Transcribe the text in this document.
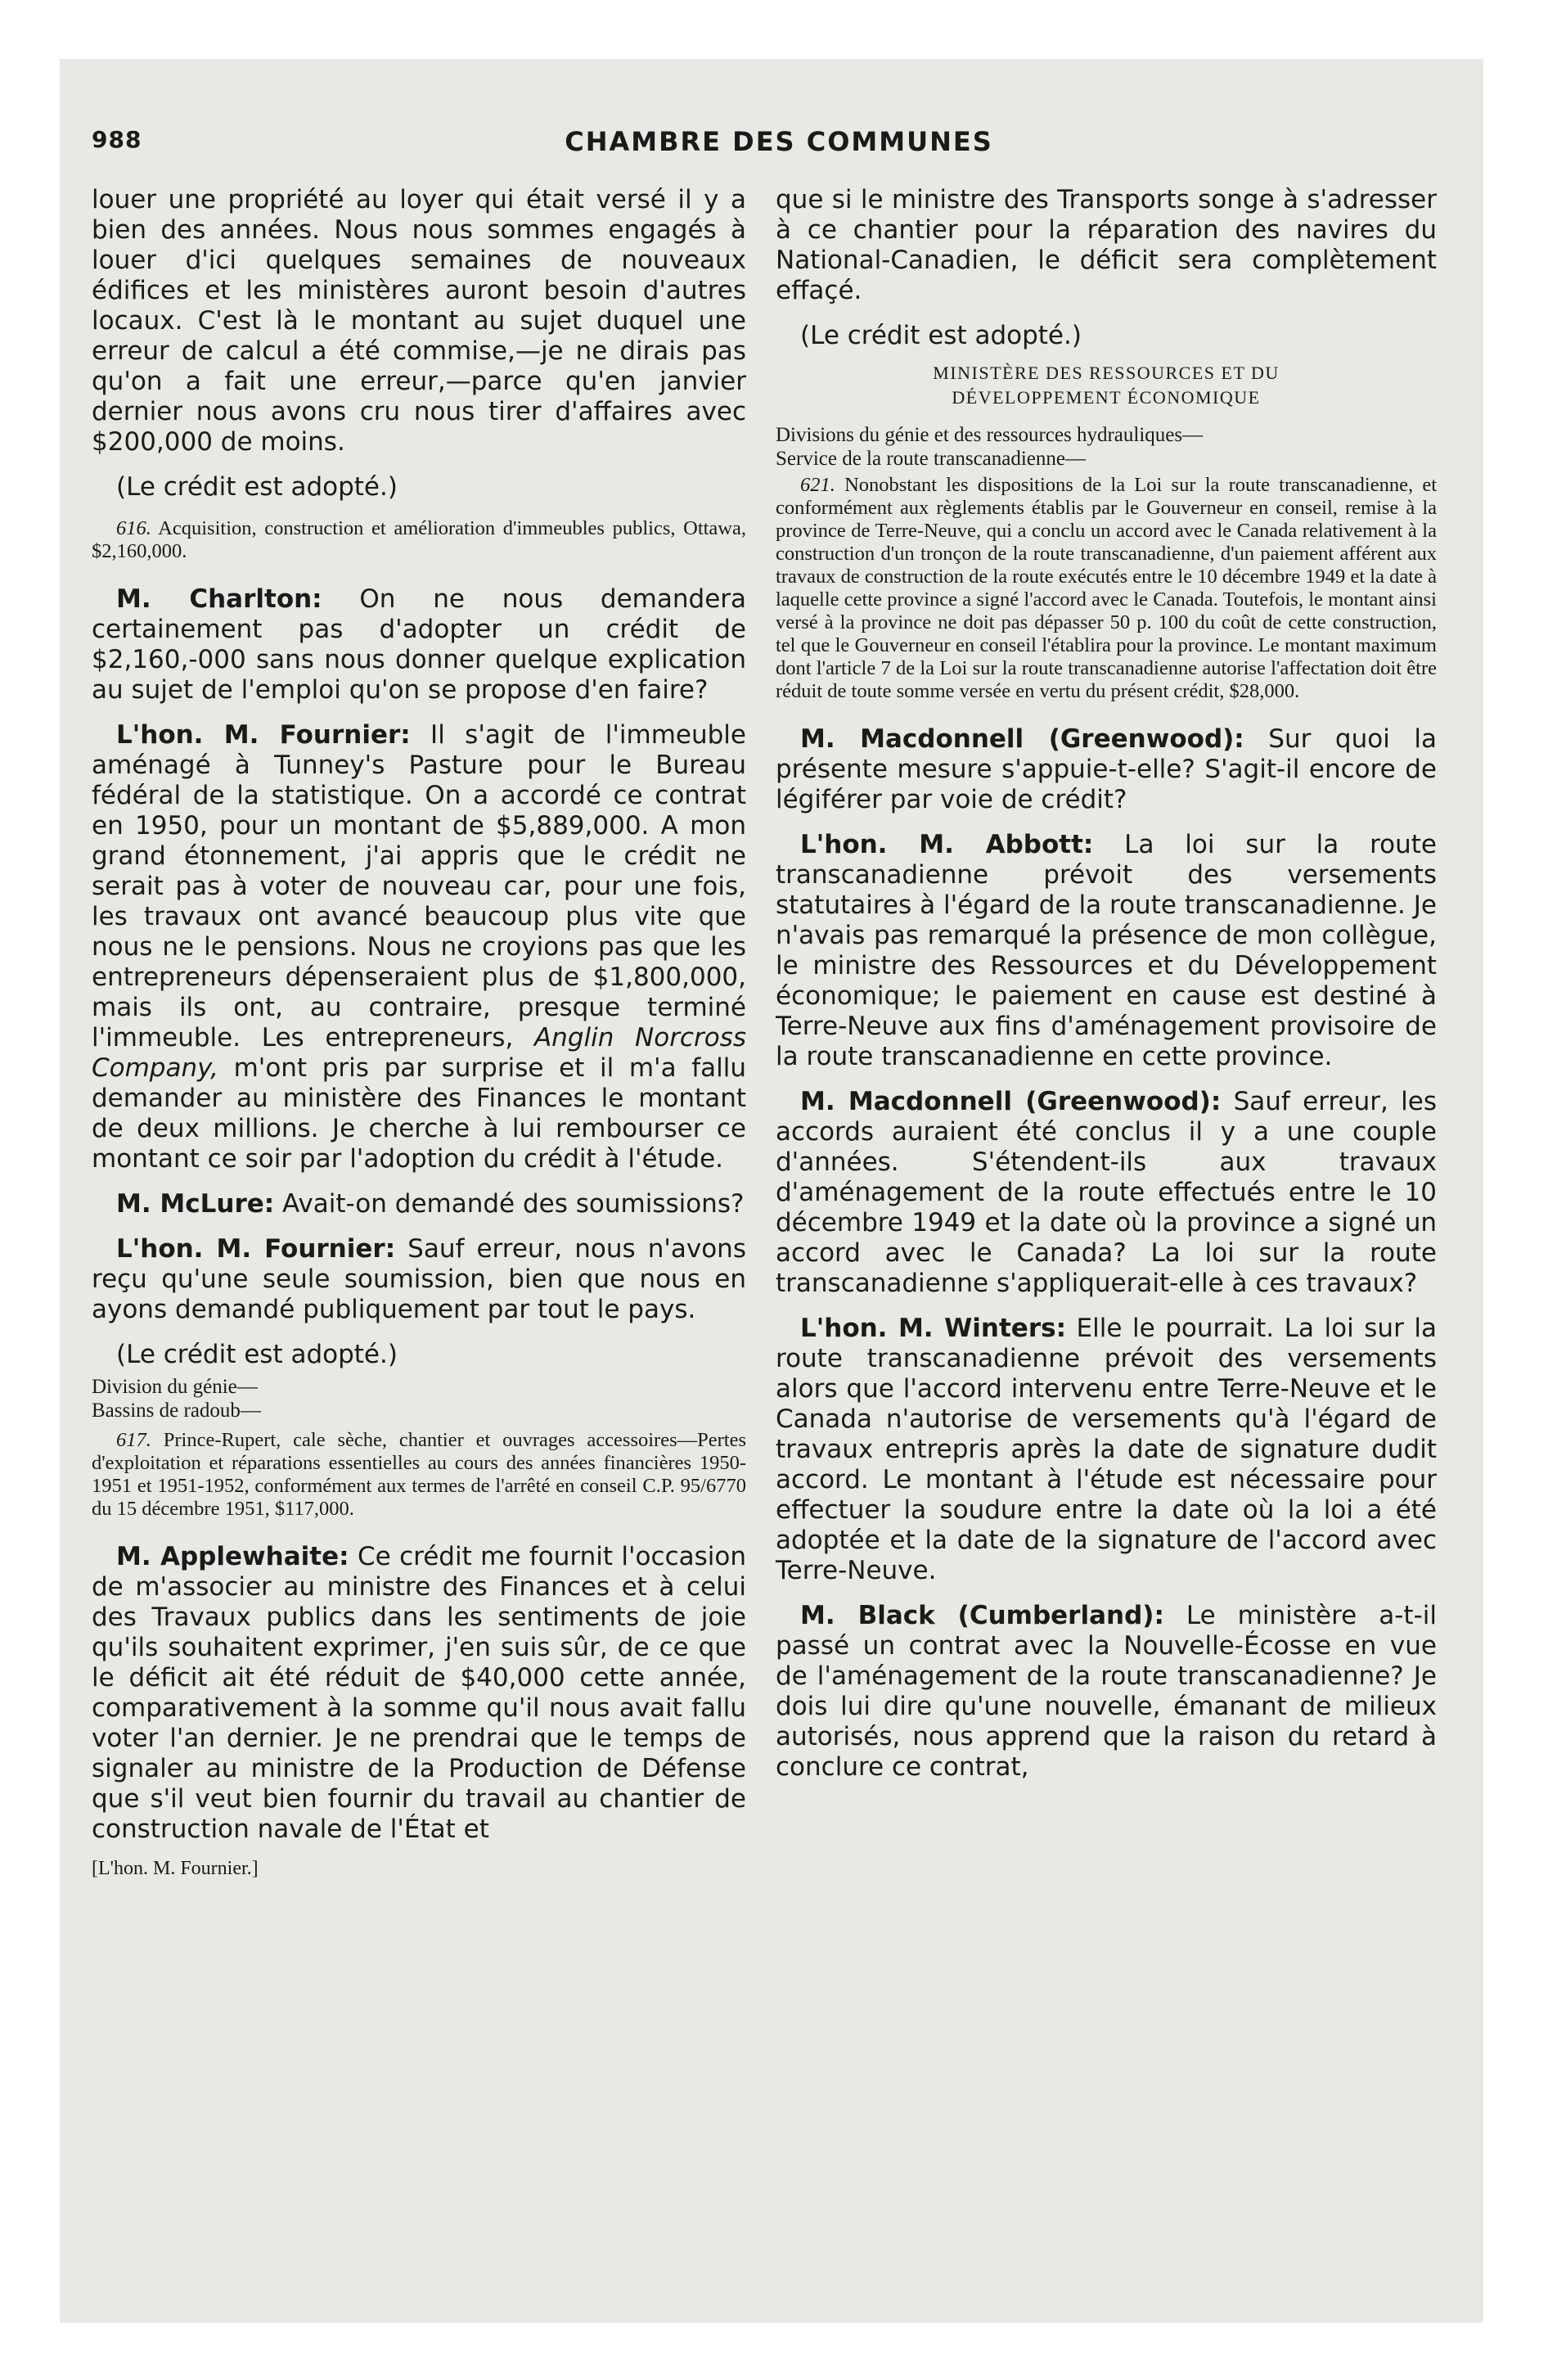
988	CHAMBRE DES COMMUNES

louer une propriété au loyer qui était versé il y a bien des années. Nous nous sommes engagés à louer d'ici quelques semaines de nouveaux édifices et les ministères auront besoin d'autres locaux. C'est là le montant au sujet duquel une erreur de calcul a été commise,—je ne dirais pas qu'on a fait une erreur,—parce qu'en janvier dernier nous avons cru nous tirer d'affaires avec $200,000 de moins.

(Le crédit est adopté.)

616. Acquisition, construction et amélioration d'immeubles publics, Ottawa, $2,160,000.

M. Charlton: On ne nous demandera certainement pas d'adopter un crédit de $2,160,-000 sans nous donner quelque explication au sujet de l'emploi qu'on se propose d'en faire?

L'hon. M. Fournier: Il s'agit de l'immeuble aménagé à Tunney's Pasture pour le Bureau fédéral de la statistique. On a accordé ce contrat en 1950, pour un montant de $5,889,000. A mon grand étonnement, j'ai appris que le crédit ne serait pas à voter de nouveau car, pour une fois, les travaux ont avancé beaucoup plus vite que nous ne le pensions. Nous ne croyions pas que les entrepreneurs dépenseraient plus de $1,800,000, mais ils ont, au contraire, presque terminé l'immeuble. Les entrepreneurs, Anglin Norcross Company, m'ont pris par surprise et il m'a fallu demander au ministère des Finances le montant de deux millions. Je cherche à lui rembourser ce montant ce soir par l'adoption du crédit à l'étude.

M. McLure: Avait-on demandé des soumissions?

L'hon. M. Fournier: Sauf erreur, nous n'avons reçu qu'une seule soumission, bien que nous en ayons demandé publiquement par tout le pays.

(Le crédit est adopté.)

Division du génie—

Bassins de radoub—

617. Prince-Rupert, cale sèche, chantier et ouvrages accessoires—Pertes d'exploitation et réparations essentielles au cours des années financières 1950-1951 et 1951-1952, conformément aux termes de l'arrêté en conseil C.P. 95/6770 du 15 décembre 1951, $117,000.

M. Applewhaite: Ce crédit me fournit l'occasion de m'associer au ministre des Finances et à celui des Travaux publics dans les sentiments de joie qu'ils souhaitent exprimer, j'en suis sûr, de ce que le déficit ait été réduit de $40,000 cette année, comparativement à la somme qu'il nous avait fallu voter l'an dernier. Je ne prendrai que le temps de signaler au ministre de la Production de Défense que s'il veut bien fournir du travail au chantier de construction navale de l'État et

[L'hon. M. Fournier.]

que si le ministre des Transports songe à s'adresser à ce chantier pour la réparation des navires du National-Canadien, le déficit sera complètement effaçé.

(Le crédit est adopté.)

MINISTÈRE DES RESSOURCES ET DU
DÉVELOPPEMENT ÉCONOMIQUE

Divisions du génie et des ressources hydrauliques—

Service de la route transcanadienne—

621. Nonobstant les dispositions de la Loi sur la route transcanadienne, et conformément aux règlements établis par le Gouverneur en conseil, remise à la province de Terre-Neuve, qui a conclu un accord avec le Canada relativement à la construction d'un tronçon de la route transcanadienne, d'un paiement afférent aux travaux de construction de la route exécutés entre le 10 décembre 1949 et la date à laquelle cette province a signé l'accord avec le Canada. Toutefois, le montant ainsi versé à la province ne doit pas dépasser 50 p. 100 du coût de cette construction, tel que le Gouverneur en conseil l'établira pour la province. Le montant maximum dont l'article 7 de la Loi sur la route transcanadienne autorise l'affectation doit être réduit de toute somme versée en vertu du présent crédit, $28,000.

M. Macdonnell (Greenwood): Sur quoi la présente mesure s'appuie-t-elle? S'agit-il encore de légiférer par voie de crédit?

L'hon. M. Abbott: La loi sur la route transcanadienne prévoit des versements statutaires à l'égard de la route transcanadienne. Je n'avais pas remarqué la présence de mon collègue, le ministre des Ressources et du Développement économique; le paiement en cause est destiné à Terre-Neuve aux fins d'aménagement provisoire de la route transcanadienne en cette province.

M. Macdonnell (Greenwood): Sauf erreur, les accords auraient été conclus il y a une couple d'années. S'étendent-ils aux travaux d'aménagement de la route effectués entre le 10 décembre 1949 et la date où la province a signé un accord avec le Canada? La loi sur la route transcanadienne s'appliquerait-elle à ces travaux?

L'hon. M. Winters: Elle le pourrait. La loi sur la route transcanadienne prévoit des versements alors que l'accord intervenu entre Terre-Neuve et le Canada n'autorise de versements qu'à l'égard de travaux entrepris après la date de signature dudit accord. Le montant à l'étude est nécessaire pour effectuer la soudure entre la date où la loi a été adoptée et la date de la signature de l'accord avec Terre-Neuve.

M. Black (Cumberland): Le ministère a-t-il passé un contrat avec la Nouvelle-Écosse en vue de l'aménagement de la route transcanadienne? Je dois lui dire qu'une nouvelle, émanant de milieux autorisés, nous apprend que la raison du retard à conclure ce contrat,
